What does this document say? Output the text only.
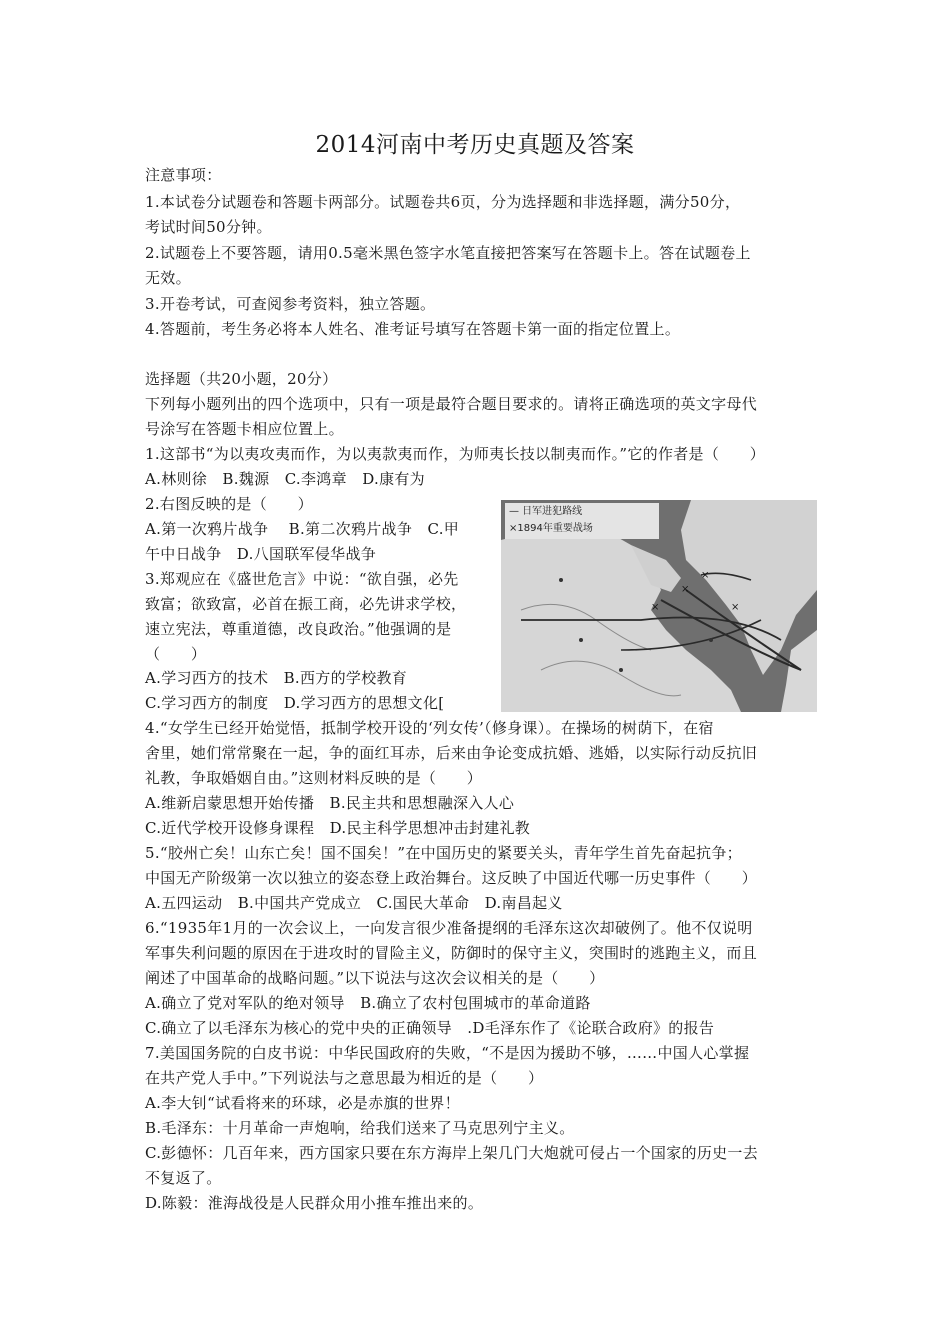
2014河南中考历史真题及答案
注意事项：
1.本试卷分试题卷和答题卡两部分。试题卷共6页，分为选择题和非选择题，满分50分，
考试时间50分钟。
2.试题卷上不要答题，请用0.5毫米黑色签字水笔直接把答案写在答题卡上。答在试题卷上
无效。
3.开卷考试，可查阅参考资料，独立答题。
4.答题前，考生务必将本人姓名、准考证号填写在答题卡第一面的指定位置上。
选择题（共20小题，20分）
下列每小题列出的四个选项中，只有一项是最符合题目要求的。请将正确选项的英文字母代
号涂写在答题卡相应位置上。
1.这部书“为以夷攻夷而作，为以夷款夷而作，为师夷长技以制夷而作。”它的作者是（　　）
A.林则徐　B.魏源　C.李鸿章　D.康有为
2.右图反映的是（　　）
A.第一次鸦片战争　 B.第二次鸦片战争　C.甲
午中日战争　D.八国联军侵华战争
3.郑观应在《盛世危言》中说：“欲自强，必先
致富；欲致富，必首在振工商，必先讲求学校，
速立宪法，尊重道德，改良政治。”他强调的是
（　　）
A.学习西方的技术　B.西方的学校教育
C.学习西方的制度　D.学习西方的思想文化[
4.“女学生已经开始觉悟，抵制学校开设的‘列女传’（修身课）。在操场的树荫下，在宿
舍里，她们常常聚在一起，争的面红耳赤，后来由争论变成抗婚、逃婚，以实际行动反抗旧
礼教，争取婚姻自由。”这则材料反映的是（　　）
A.维新启蒙思想开始传播　B.民主共和思想融深入人心
C.近代学校开设修身课程　D.民主科学思想冲击封建礼教
5.“胶州亡矣！山东亡矣！国不国矣！”在中国历史的紧要关头，青年学生首先奋起抗争；
中国无产阶级第一次以独立的姿态登上政治舞台。这反映了中国近代哪一历史事件（　　）
A.五四运动　B.中国共产党成立　C.国民大革命　D.南昌起义
6.“1935年1月的一次会议上，一向发言很少准备提纲的毛泽东这次却破例了。他不仅说明
军事失利问题的原因在于进攻时的冒险主义，防御时的保守主义，突围时的逃跑主义，而且
阐述了中国革命的战略问题。”以下说法与这次会议相关的是（　　）
A.确立了党对军队的绝对领导　B.确立了农村包围城市的革命道路
C.确立了以毛泽东为核心的党中央的正确领导　.D毛泽东作了《论联合政府》的报告
7.美国国务院的白皮书说：中华民国政府的失败，“不是因为援助不够，……中国人心掌握
在共产党人手中。”下列说法与之意思最为相近的是（　　）
A.李大钊“试看将来的环球，必是赤旗的世界！
B.毛泽东：十月革命一声炮响，给我们送来了马克思列宁主义。
C.彭德怀：几百年来，西方国家只要在东方海岸上架几门大炮就可侵占一个国家的历史一去
不复返了。
D.陈毅：淮海战役是人民群众用小推车推出来的。
×
×
×	×
— 日军进犯路线
×1894年重要战场
